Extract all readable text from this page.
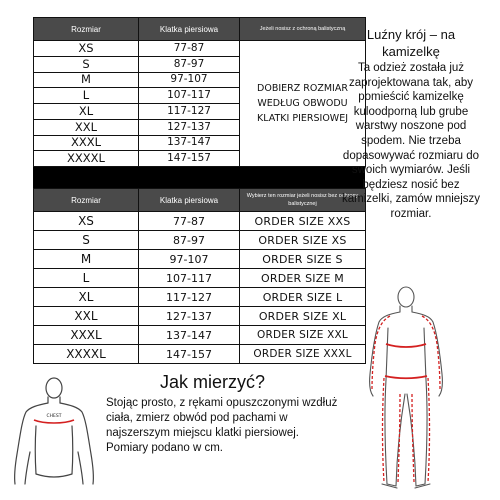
Rozmiar	Klatka piersiowa	Jeżeli nosisz z ochroną balistyczną
XS	77-87	DOBIERZ ROZMIAR WEDŁUG OBWODU KLATKI PIERSIOWEJ
S	87-97	
M	97-107	
L	107-117	
XL	117-127	
XXL	127-137	
XXXL	137-147	
XXXXL	147-157	
Rozmiar	Klatka piersiowa	Wybierz ten rozmiar jeżeli nosisz bez ochrony balistycznej
XS	77-87	ORDER SIZE XXS
S	87-97	ORDER SIZE XS
M	97-107	ORDER SIZE S
L	107-117	ORDER SIZE M
XL	117-127	ORDER SIZE L
XXL	127-137	ORDER SIZE XL
XXXL	137-147	ORDER SIZE XXL
XXXXL	147-157	ORDER SIZE XXXL
Luźny krój – na
kamizelkę
Ta odzież została już zaprojektowana tak, aby pomieścić kamizelkę kuloodporną lub grube warstwy noszone pod spodem. Nie trzeba dopasowywać rozmiaru do swoich wymiarów. Jeśli będziesz nosić bez kamizelki, zamów mniejszy rozmiar.
Jak mierzyć?

Stojąc prosto, z rękami opuszczonymi wzdłuż ciała, zmierz obwód pod pachami w najszerszym miejscu klatki piersiowej.

Pomiary podano w cm.

CHEST
